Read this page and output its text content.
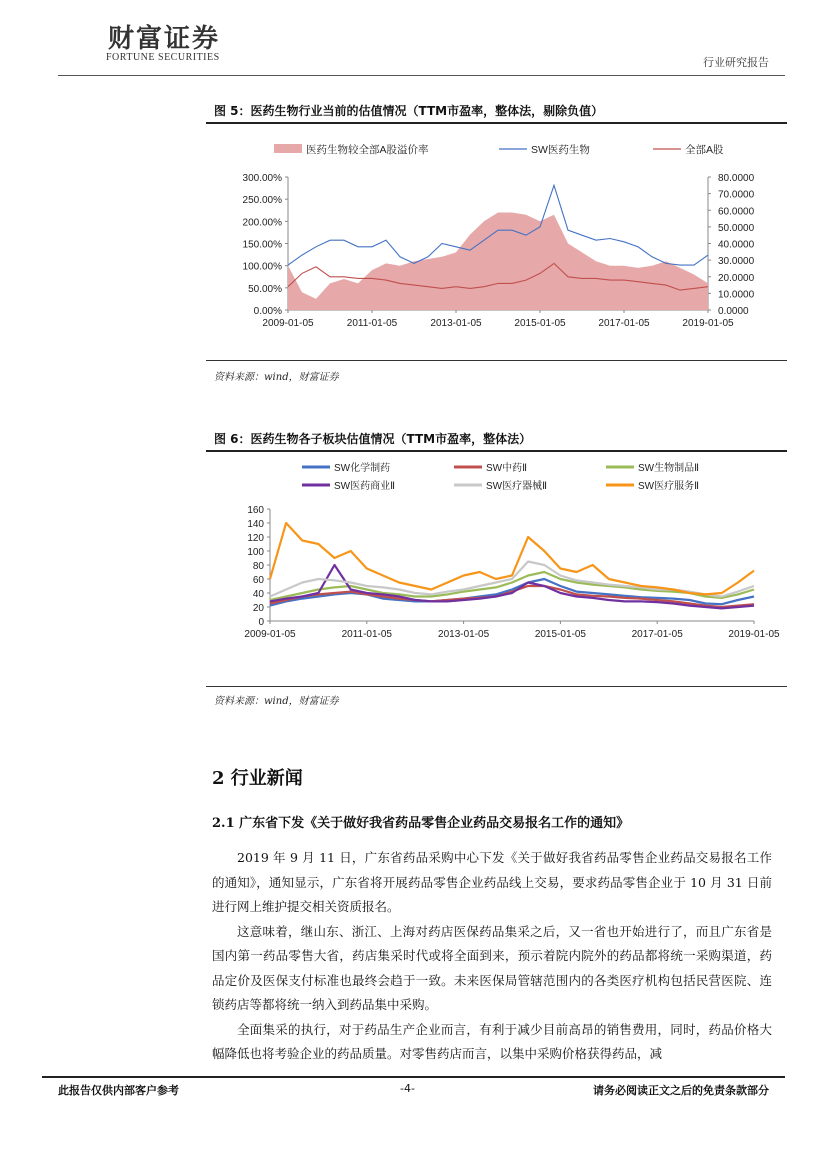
财富证券
FORTUNE SECURITIES	行业研究报告
图 5：医药生物行业当前的估值情况（TTM市盈率，整体法，剔除负值）
医药生物较全部A股溢价率	SW医药生物	全部A股
0.00%
50.00%
100.00%
150.00%
200.00%
250.00%
300.00%
0.0000
10.0000
20.0000
30.0000
40.0000
50.0000
60.0000
70.0000
80.0000
2009-01-05	2011-01-05	2013-01-05	2015-01-05	2017-01-05	2019-01-05
资料来源：wind，财富证券
图 6：医药生物各子板块估值情况（TTM市盈率，整体法）
SW化学制药	SW中药Ⅱ	SW生物制品Ⅱ
SW医药商业Ⅱ	SW医疗器械Ⅱ	SW医疗服务Ⅱ
0
20
40
60
80
100
120
140
160
2009-01-05	2011-01-05	2013-01-05	2015-01-05	2017-01-05	2019-01-05
资料来源：wind，财富证券
2 行业新闻
2.1 广东省下发《关于做好我省药品零售企业药品交易报名工作的通知》

2019 年 9 月 11 日，广东省药品采购中心下发《关于做好我省药品零售企业药品交易报名工作的通知》，通知显示，广东省将开展药品零售企业药品线上交易，要求药品零售企业于 10 月 31 日前进行网上维护提交相关资质报名。

这意味着，继山东、浙江、上海对药店医保药品集采之后，又一省也开始进行了，而且广东省是国内第一药品零售大省，药店集采时代或将全面到来，预示着院内院外的药品都将统一采购渠道，药品定价及医保支付标准也最终会趋于一致。未来医保局管辖范围内的各类医疗机构包括民营医院、连锁药店等都将统一纳入到药品集中采购。

全面集采的执行，对于药品生产企业而言，有利于减少目前高昂的销售费用，同时，药品价格大幅降低也将考验企业的药品质量。对零售药店而言，以集中采购价格获得药品，减

此报告仅供内部客户参考	-4-	请务必阅读正文之后的免责条款部分
